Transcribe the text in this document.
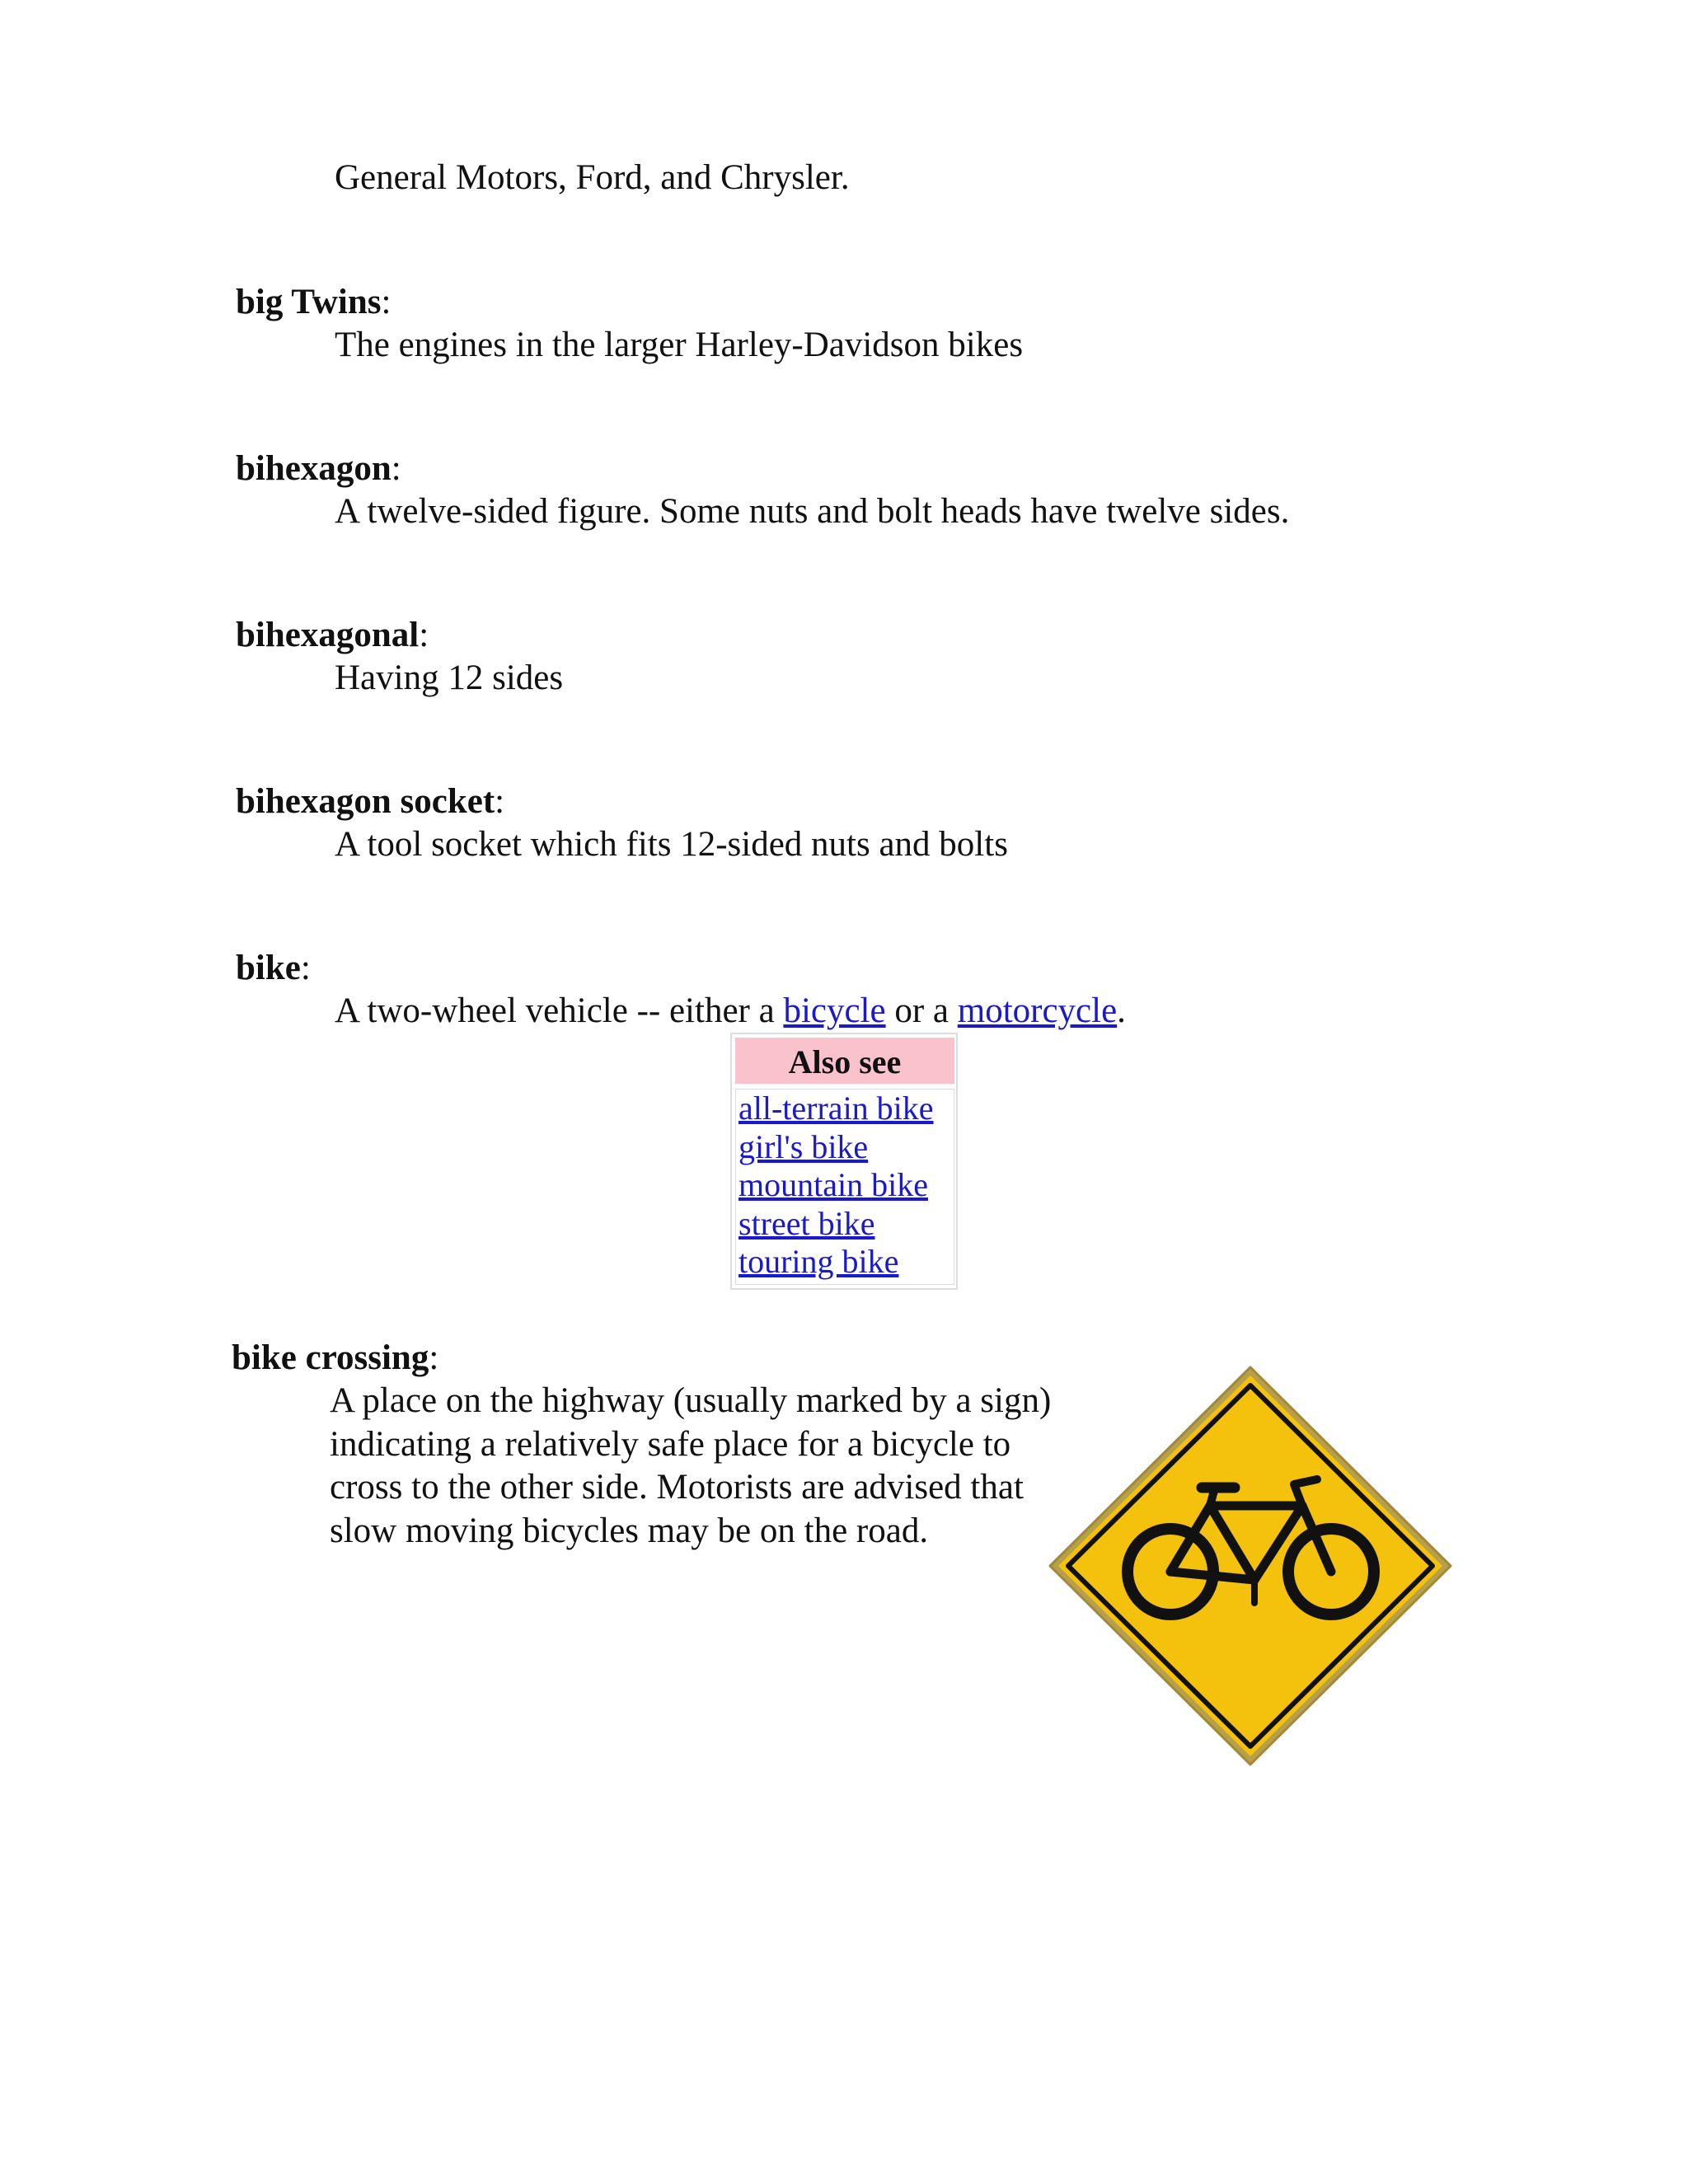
General Motors, Ford, and Chrysler.
big Twins:
The engines in the larger Harley-Davidson bikes
bihexagon:
A twelve-sided figure. Some nuts and bolt heads have twelve sides.
bihexagonal:
Having 12 sides
bihexagon socket:
A tool socket which fits 12-sided nuts and bolts
bike:
A two-wheel vehicle -- either a bicycle or a motorcycle.
Also see
all-terrain bike
girl's bike
mountain bike
street bike
touring bike
bike crossing:
A place on the highway (usually marked by a sign) indicating a relatively safe place for a bicycle to cross to the other side. Motorists are advised that slow moving bicycles may be on the road.
